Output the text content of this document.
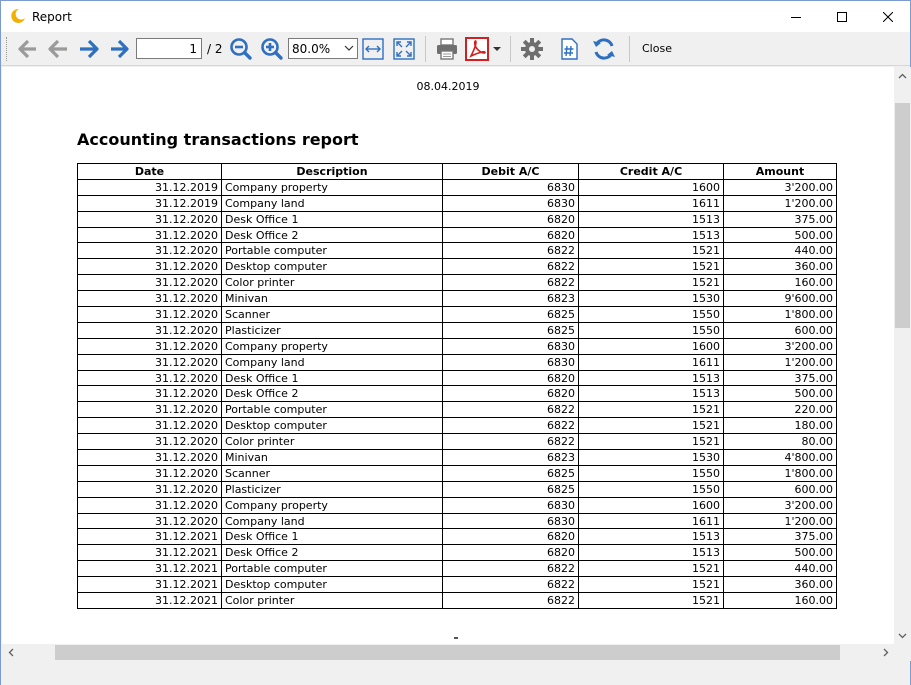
Report
1
/ 2	80.0%	Close
08.04.2019
Accounting transactions report
Date	Description	Debit A/C	Credit A/C	Amount
31.12.2019	Company property	6830	1600	3'200.00
31.12.2019	Company land	6830	1611	1'200.00
31.12.2020	Desk Office 1	6820	1513	375.00
31.12.2020	Desk Office 2	6820	1513	500.00
31.12.2020	Portable computer	6822	1521	440.00
31.12.2020	Desktop computer	6822	1521	360.00
31.12.2020	Color printer	6822	1521	160.00
31.12.2020	Minivan	6823	1530	9'600.00
31.12.2020	Scanner	6825	1550	1'800.00
31.12.2020	Plasticizer	6825	1550	600.00
31.12.2020	Company property	6830	1600	3'200.00
31.12.2020	Company land	6830	1611	1'200.00
31.12.2020	Desk Office 1	6820	1513	375.00
31.12.2020	Desk Office 2	6820	1513	500.00
31.12.2020	Portable computer	6822	1521	220.00
31.12.2020	Desktop computer	6822	1521	180.00
31.12.2020	Color printer	6822	1521	80.00
31.12.2020	Minivan	6823	1530	4'800.00
31.12.2020	Scanner	6825	1550	1'800.00
31.12.2020	Plasticizer	6825	1550	600.00
31.12.2020	Company property	6830	1600	3'200.00
31.12.2020	Company land	6830	1611	1'200.00
31.12.2021	Desk Office 1	6820	1513	375.00
31.12.2021	Desk Office 2	6820	1513	500.00
31.12.2021	Portable computer	6822	1521	440.00
31.12.2021	Desktop computer	6822	1521	360.00
31.12.2021	Color printer	6822	1521	160.00
